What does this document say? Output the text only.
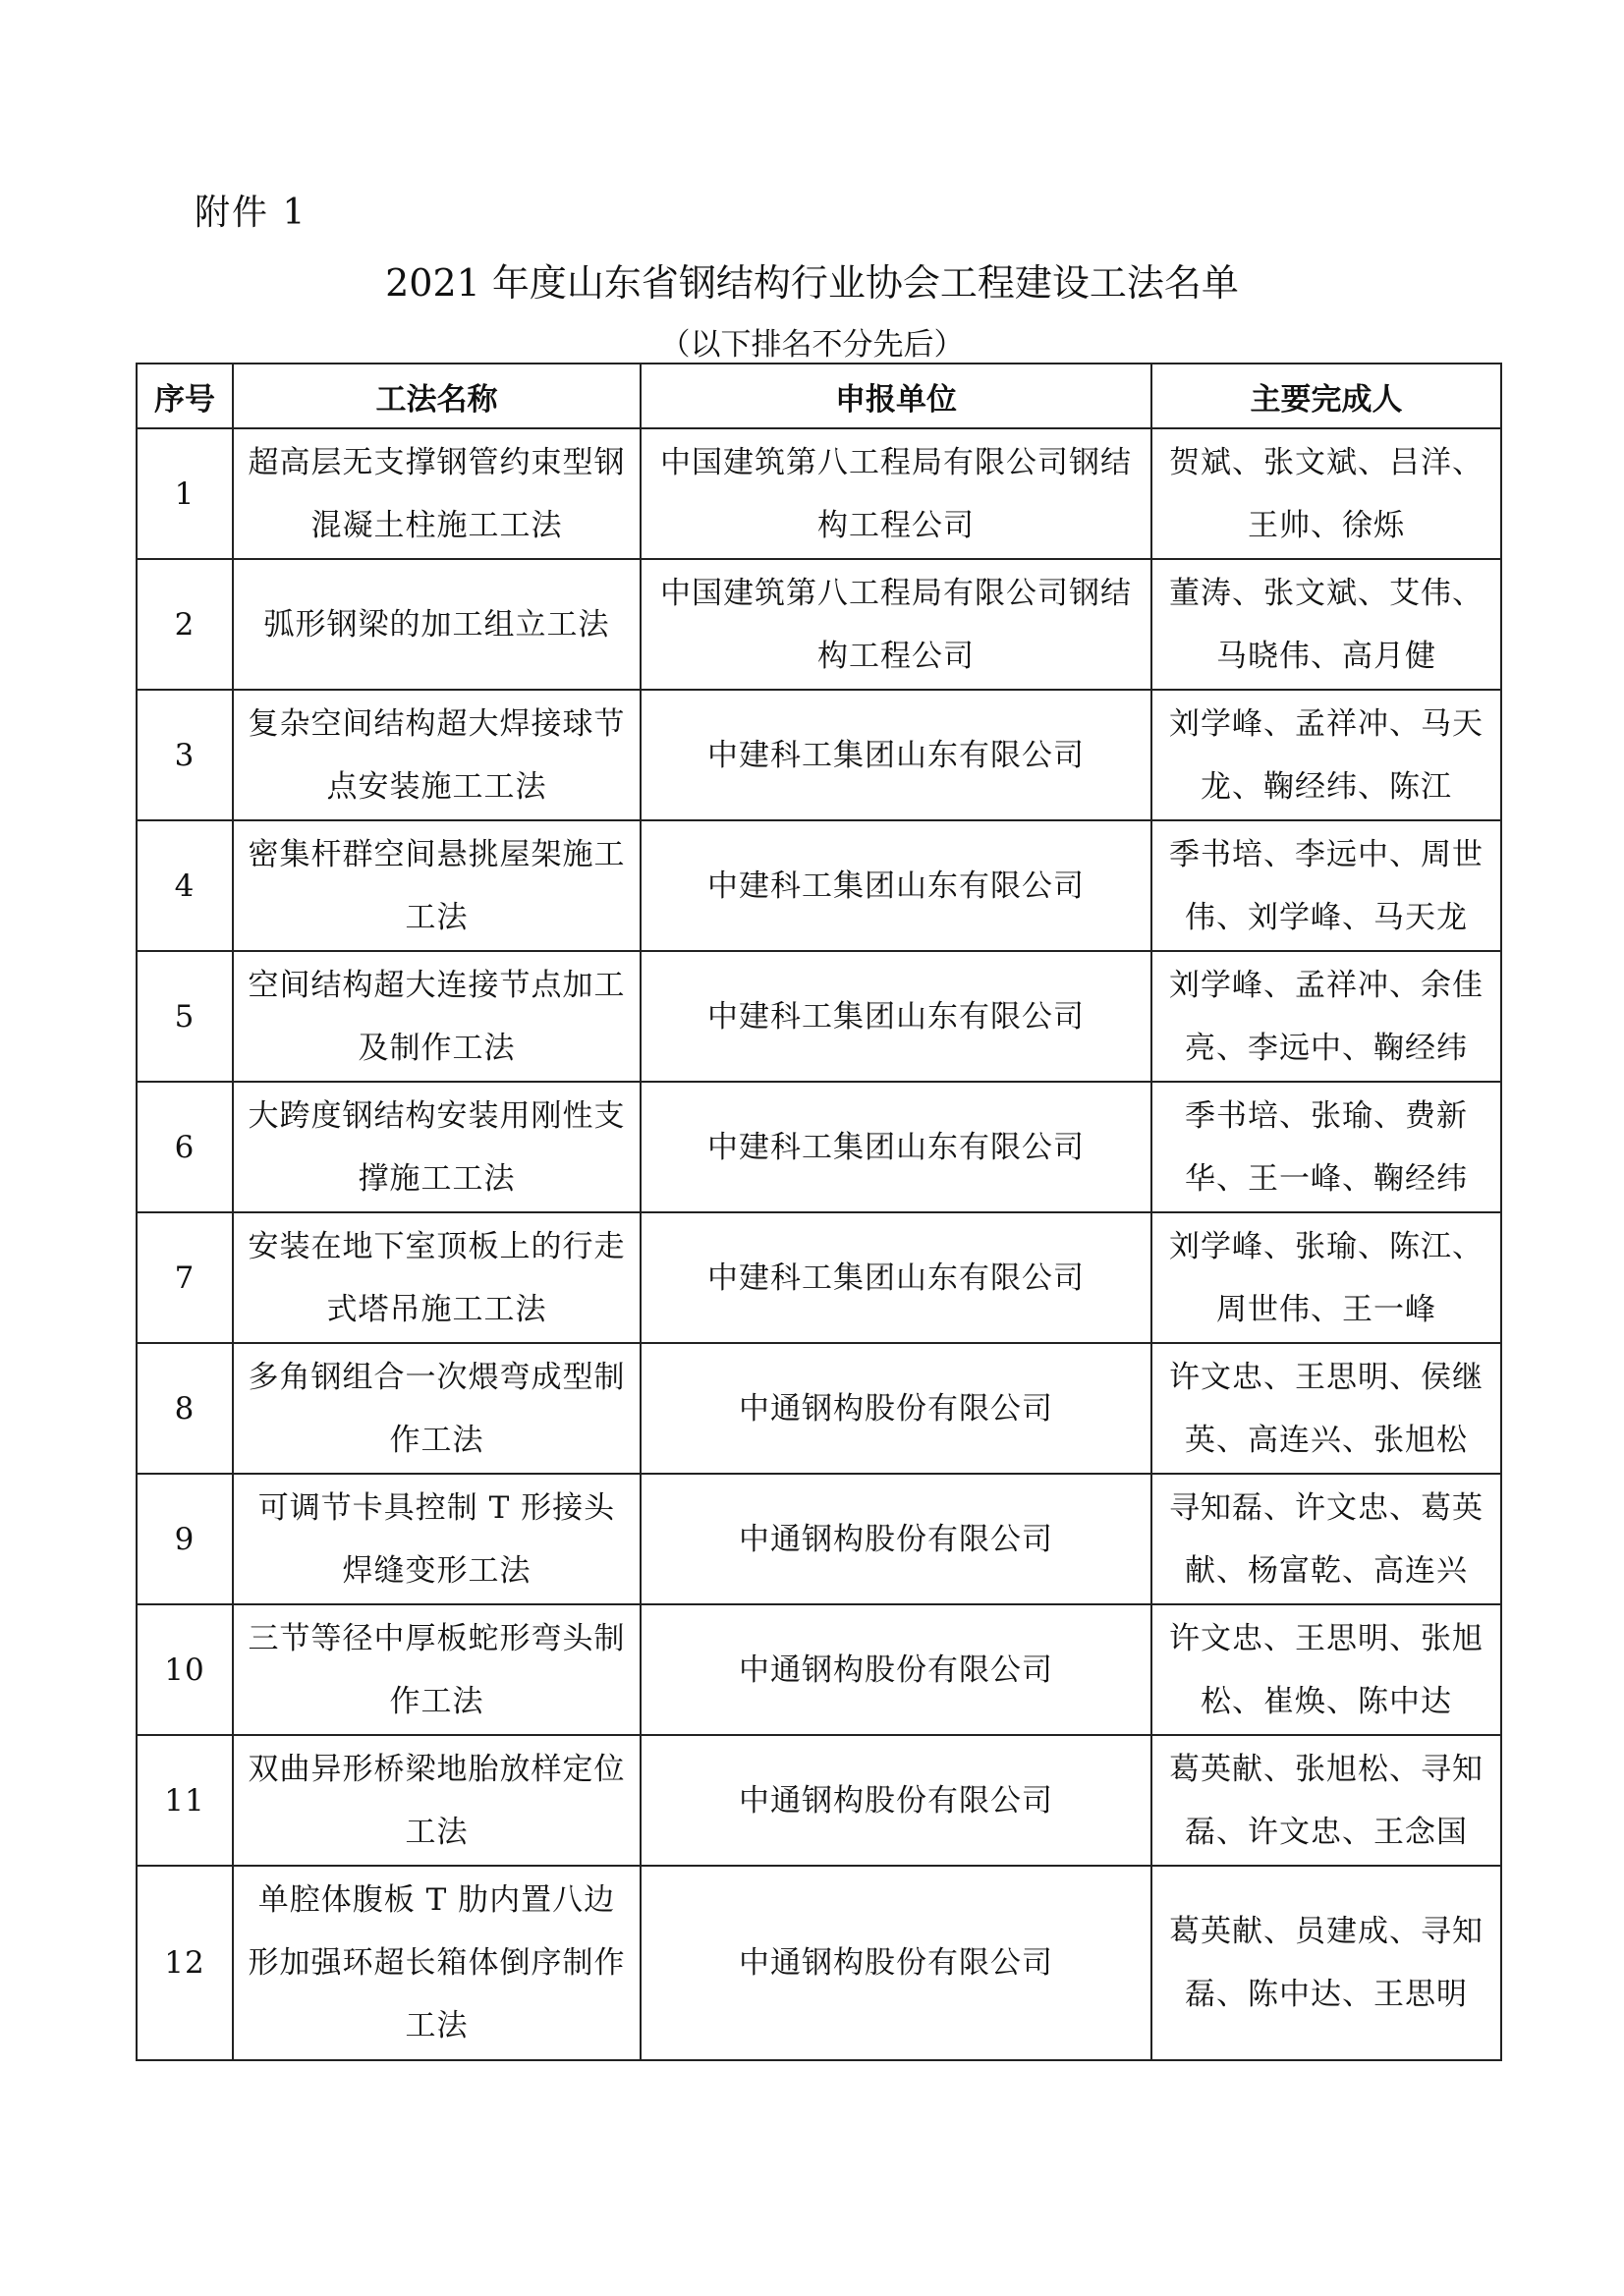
附件 1
2021 年度山东省钢结构行业协会工程建设工法名单
（以下排名不分先后）
序号	工法名称	申报单位	主要完成人
1	超高层无支撑钢管约束型钢混凝土柱施工工法	中国建筑第八工程局有限公司钢结构工程公司	贺斌、张文斌、吕洋、王帅、徐烁
2	弧形钢梁的加工组立工法	中国建筑第八工程局有限公司钢结构工程公司	董涛、张文斌、艾伟、马晓伟、高月健
3	复杂空间结构超大焊接球节点安装施工工法	中建科工集团山东有限公司	刘学峰、孟祥冲、马天龙、鞠经纬、陈江
4	密集杆群空间悬挑屋架施工工法	中建科工集团山东有限公司	季书培、李远中、周世伟、刘学峰、马天龙
5	空间结构超大连接节点加工及制作工法	中建科工集团山东有限公司	刘学峰、孟祥冲、余佳亮、李远中、鞠经纬
6	大跨度钢结构安装用刚性支撑施工工法	中建科工集团山东有限公司	季书培、张瑜、费新华、王一峰、鞠经纬
7	安装在地下室顶板上的行走式塔吊施工工法	中建科工集团山东有限公司	刘学峰、张瑜、陈江、周世伟、王一峰
8	多角钢组合一次煨弯成型制作工法	中通钢构股份有限公司	许文忠、王思明、侯继英、高连兴、张旭松
9	可调节卡具控制 T 形接头焊缝变形工法	中通钢构股份有限公司	寻知磊、许文忠、葛英献、杨富乾、高连兴
10	三节等径中厚板蛇形弯头制作工法	中通钢构股份有限公司	许文忠、王思明、张旭松、崔焕、陈中达
11	双曲异形桥梁地胎放样定位工法	中通钢构股份有限公司	葛英献、张旭松、寻知磊、许文忠、王念国
12	单腔体腹板 T 肋内置八边形加强环超长箱体倒序制作工法	中通钢构股份有限公司	葛英献、员建成、寻知磊、陈中达、王思明
